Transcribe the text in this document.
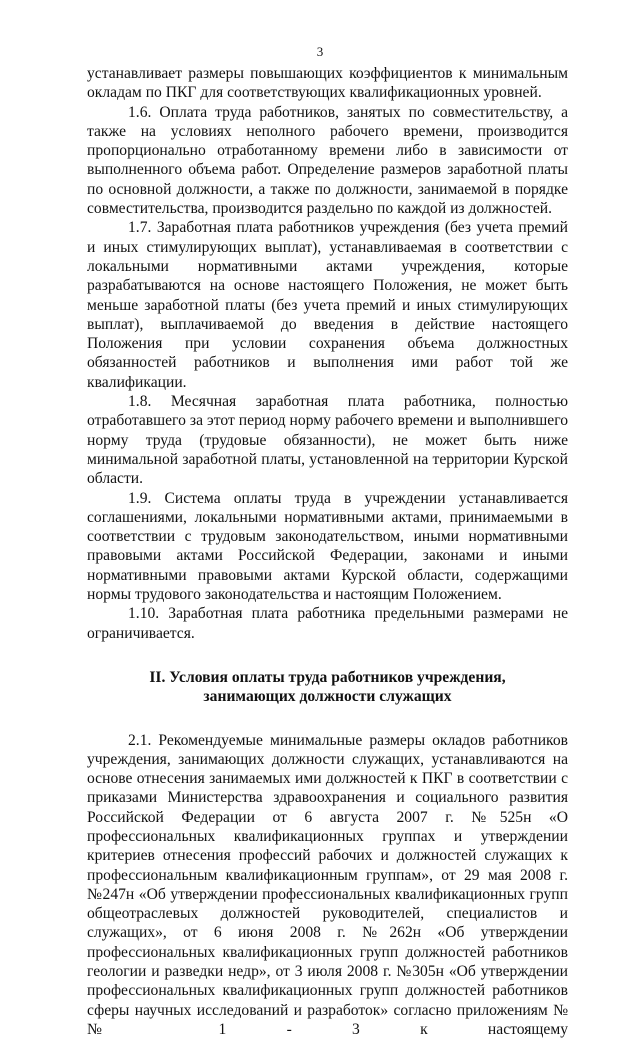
3

устанавливает размеры повышающих коэффициентов к минимальным окладам по ПКГ для соответствующих квалификационных уровней.

1.6. Оплата труда работников, занятых по совместительству, а также на условиях неполного рабочего времени, производится пропорционально отработанному времени либо в зависимости от выполненного объема работ. Определение размеров заработной платы по основной должности, а также по должности, занимаемой в порядке совместительства, производится раздельно по каждой из должностей.

1.7. Заработная плата работников учреждения (без учета премий и иных стимулирующих выплат), устанавливаемая в соответствии с локальными нормативными актами учреждения, которые разрабатываются на основе настоящего Положения, не может быть меньше заработной платы (без учета премий и иных стимулирующих выплат), выплачиваемой до введения в действие настоящего Положения при условии сохранения объема должностных обязанностей работников и выполнения ими работ той же квалификации.

1.8. Месячная заработная плата работника, полностью отработавшего за этот период норму рабочего времени и выполнившего норму труда (трудовые обязанности), не может быть ниже минимальной заработной платы, установленной на территории Курской области.

1.9. Система оплаты труда в учреждении устанавливается соглашениями, локальными нормативными актами, принимаемыми в соответствии с трудовым законодательством, иными нормативными правовыми актами Российской Федерации, законами и иными нормативными правовыми актами Курской области, содержащими нормы трудового законодательства и настоящим Положением.

1.10. Заработная плата работника предельными размерами не ограничивается.

II. Условия оплаты труда работников учреждения,
занимающих должности служащих

2.1. Рекомендуемые минимальные размеры окладов работников учреждения, занимающих должности служащих, устанавливаются на основе отнесения занимаемых ими должностей к ПКГ в соответствии с приказами Министерства здравоохранения и социального развития Российской Федерации от 6 августа 2007 г. №525н «О профессиональных квалификационных группах и утверждении критериев отнесения профессий рабочих и должностей служащих к профессиональным квалификационным группам», от 29 мая 2008 г. №247н «Об утверждении профессиональных квалификационных групп общеотраслевых должностей руководителей, специалистов и служащих», от 6 июня 2008 г. №262н «Об утверждении профессиональных квалификационных групп должностей работников геологии и разведки недр», от 3 июля 2008 г. №305н «Об утверждении профессиональных квалификационных групп должностей работников сферы научных исследований и разработок» согласно приложениям №№ 1 - 3 к настоящему
